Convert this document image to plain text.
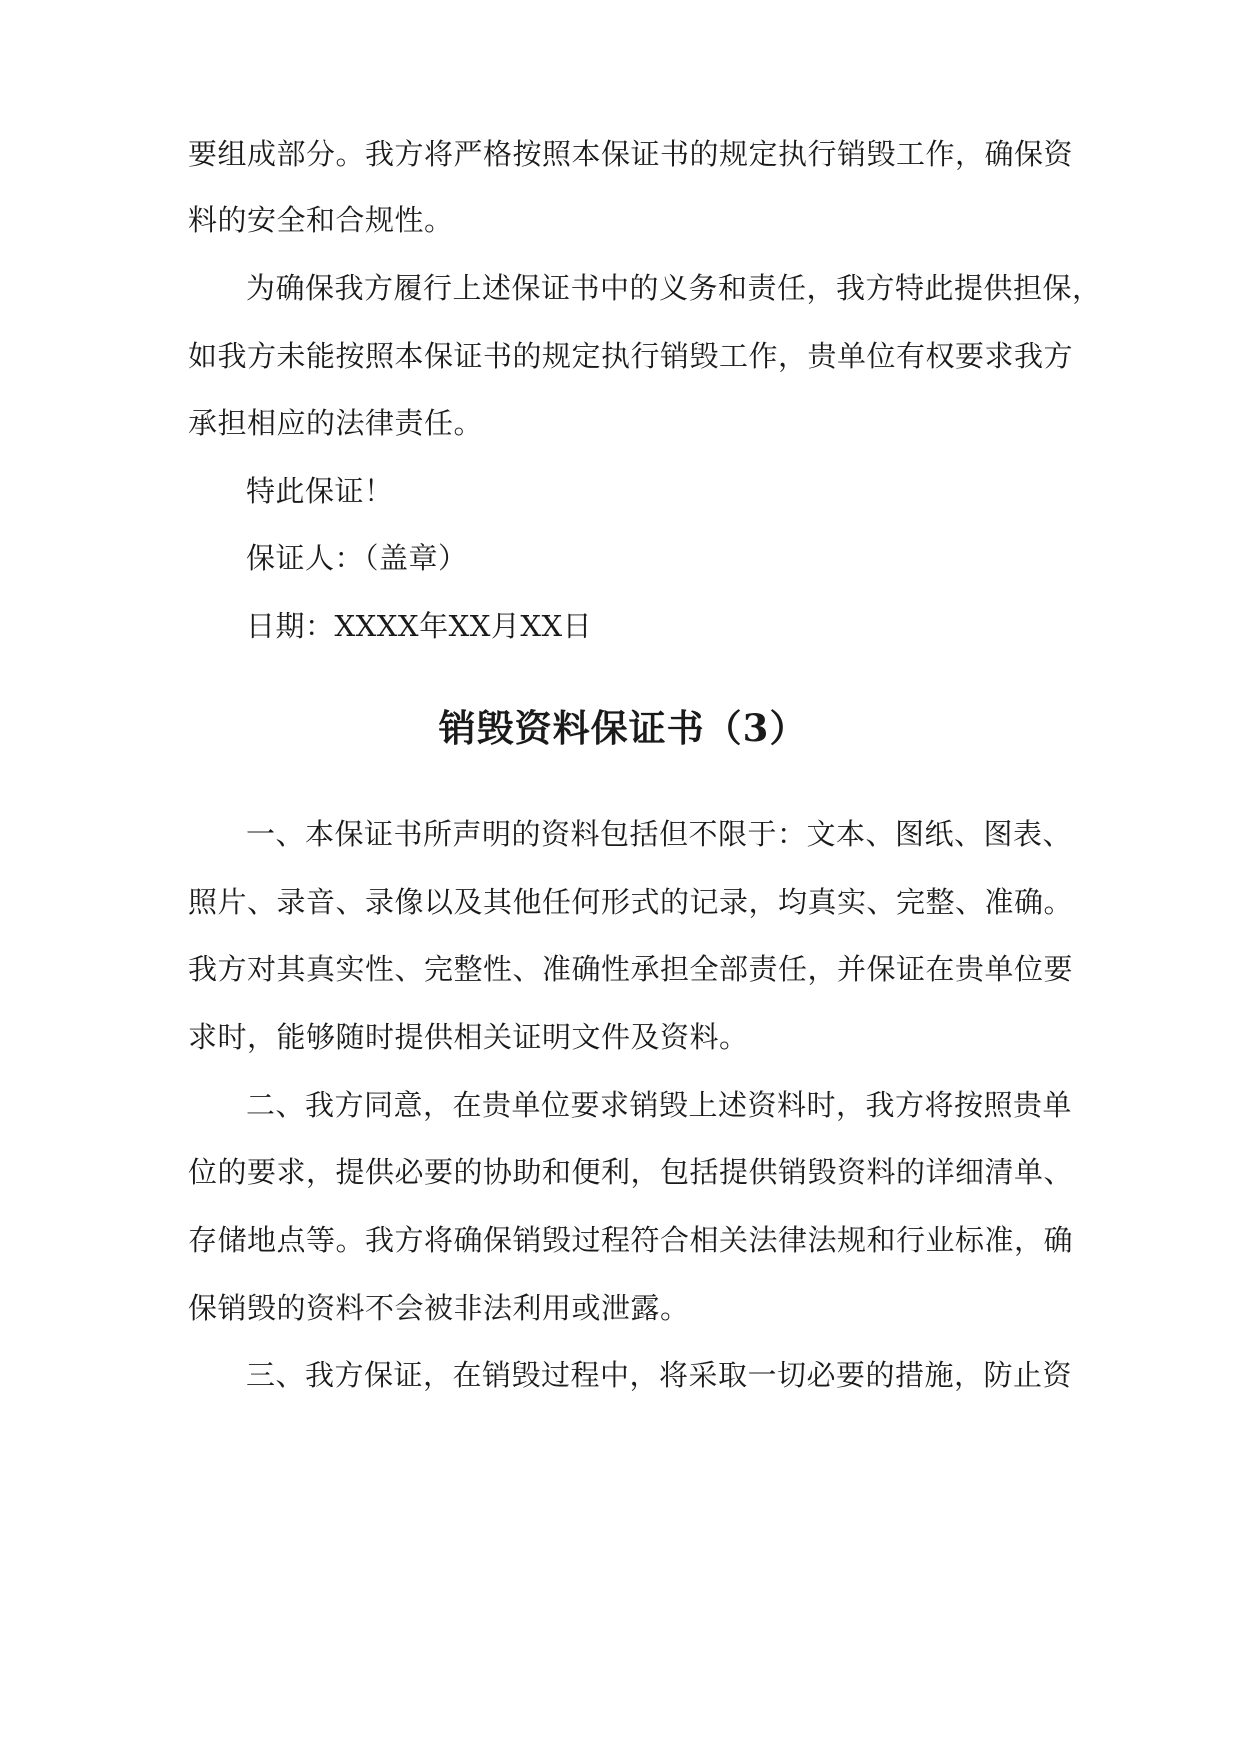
要组成部分。我方将严格按照本保证书的规定执行销毁工作，确保资
料的安全和合规性。
为确保我方履行上述保证书中的义务和责任，我方特此提供担保，
如我方未能按照本保证书的规定执行销毁工作，贵单位有权要求我方
承担相应的法律责任。
特此保证！
保证人：（盖章）
日期：XXXX年XX月XX日
销毁资料保证书（3）
一、本保证书所声明的资料包括但不限于：文本、图纸、图表、
照片、录音、录像以及其他任何形式的记录，均真实、完整、准确。
我方对其真实性、完整性、准确性承担全部责任，并保证在贵单位要
求时，能够随时提供相关证明文件及资料。
二、我方同意，在贵单位要求销毁上述资料时，我方将按照贵单
位的要求，提供必要的协助和便利，包括提供销毁资料的详细清单、
存储地点等。我方将确保销毁过程符合相关法律法规和行业标准，确
保销毁的资料不会被非法利用或泄露。
三、我方保证，在销毁过程中，将采取一切必要的措施，防止资
